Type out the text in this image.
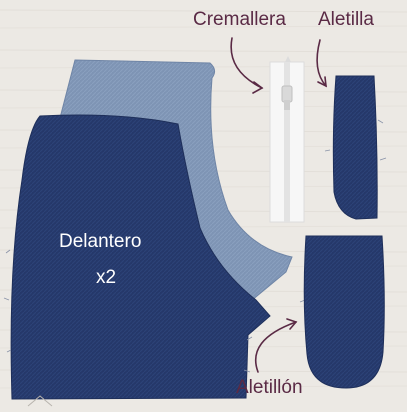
Cremallera Aletilla

Delantero

x2

Aletillón
